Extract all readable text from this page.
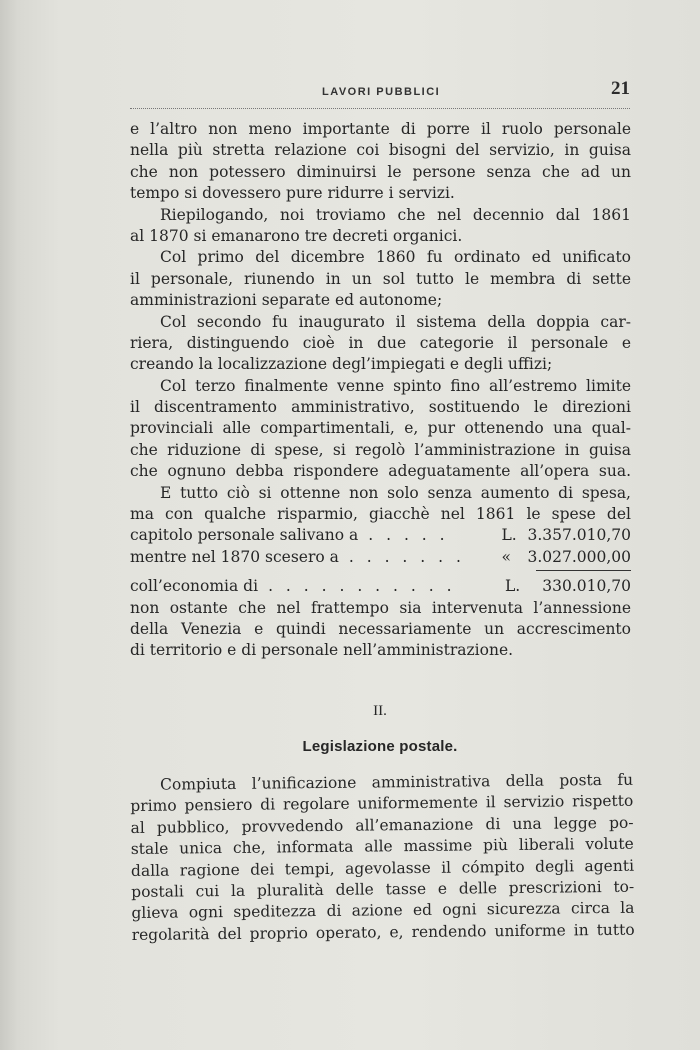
LAVORI PUBBLICI	21
e l’altro non meno importante di porre il ruolo personale
nella più stretta relazione coi bisogni del servizio, in guisa
che non potessero diminuirsi le persone senza che ad un
tempo si dovessero pure ridurre i servizi.
Riepilogando, noi troviamo che nel decennio dal 1861
al 1870 si emanarono tre decreti organici.
Col primo del dicembre 1860 fu ordinato ed unificato
il personale, riunendo in un sol tutto le membra di sette
amministrazioni separate ed autonome;
Col secondo fu inaugurato il sistema della doppia car-
riera, distinguendo cioè in due categorie il personale e
creando la localizzazione degl’impiegati e degli uffizi;
Col terzo finalmente venne spinto fino all’estremo limite
il discentramento amministrativo, sostituendo le direzioni
provinciali alle compartimentali, e, pur ottenendo una qual-
che riduzione di spese, si regolò l’amministrazione in guisa
che ognuno debba rispondere adeguatamente all’opera sua.
E tutto ciò si ottenne non solo senza aumento di spesa,
ma con qualche risparmio, giacchè nel 1861 le spese del
capitolo personale salivano a . . . . .	L. 3.357.010,70
mentre nel 1870 scesero a . . . . . . .	«	3.027.000,00
coll’economia di . . . . . . . . . . .	L.	330.010,70
non ostante che nel frattempo sia intervenuta l’annessione
della Venezia e quindi necessariamente un accrescimento
di territorio e di personale nell’amministrazione.
II.
Legislazione postale.
Compiuta l’unificazione amministrativa della posta fu
primo pensiero di regolare uniformemente il servizio rispetto
al pubblico, provvedendo all’emanazione di una legge po-
stale unica che, informata alle massime più liberali volute
dalla ragione dei tempi, agevolasse il cómpito degli agenti
postali cui la pluralità delle tasse e delle prescrizioni to-
glieva ogni speditezza di azione ed ogni sicurezza circa la
regolarità del proprio operato, e, rendendo uniforme in tutto
